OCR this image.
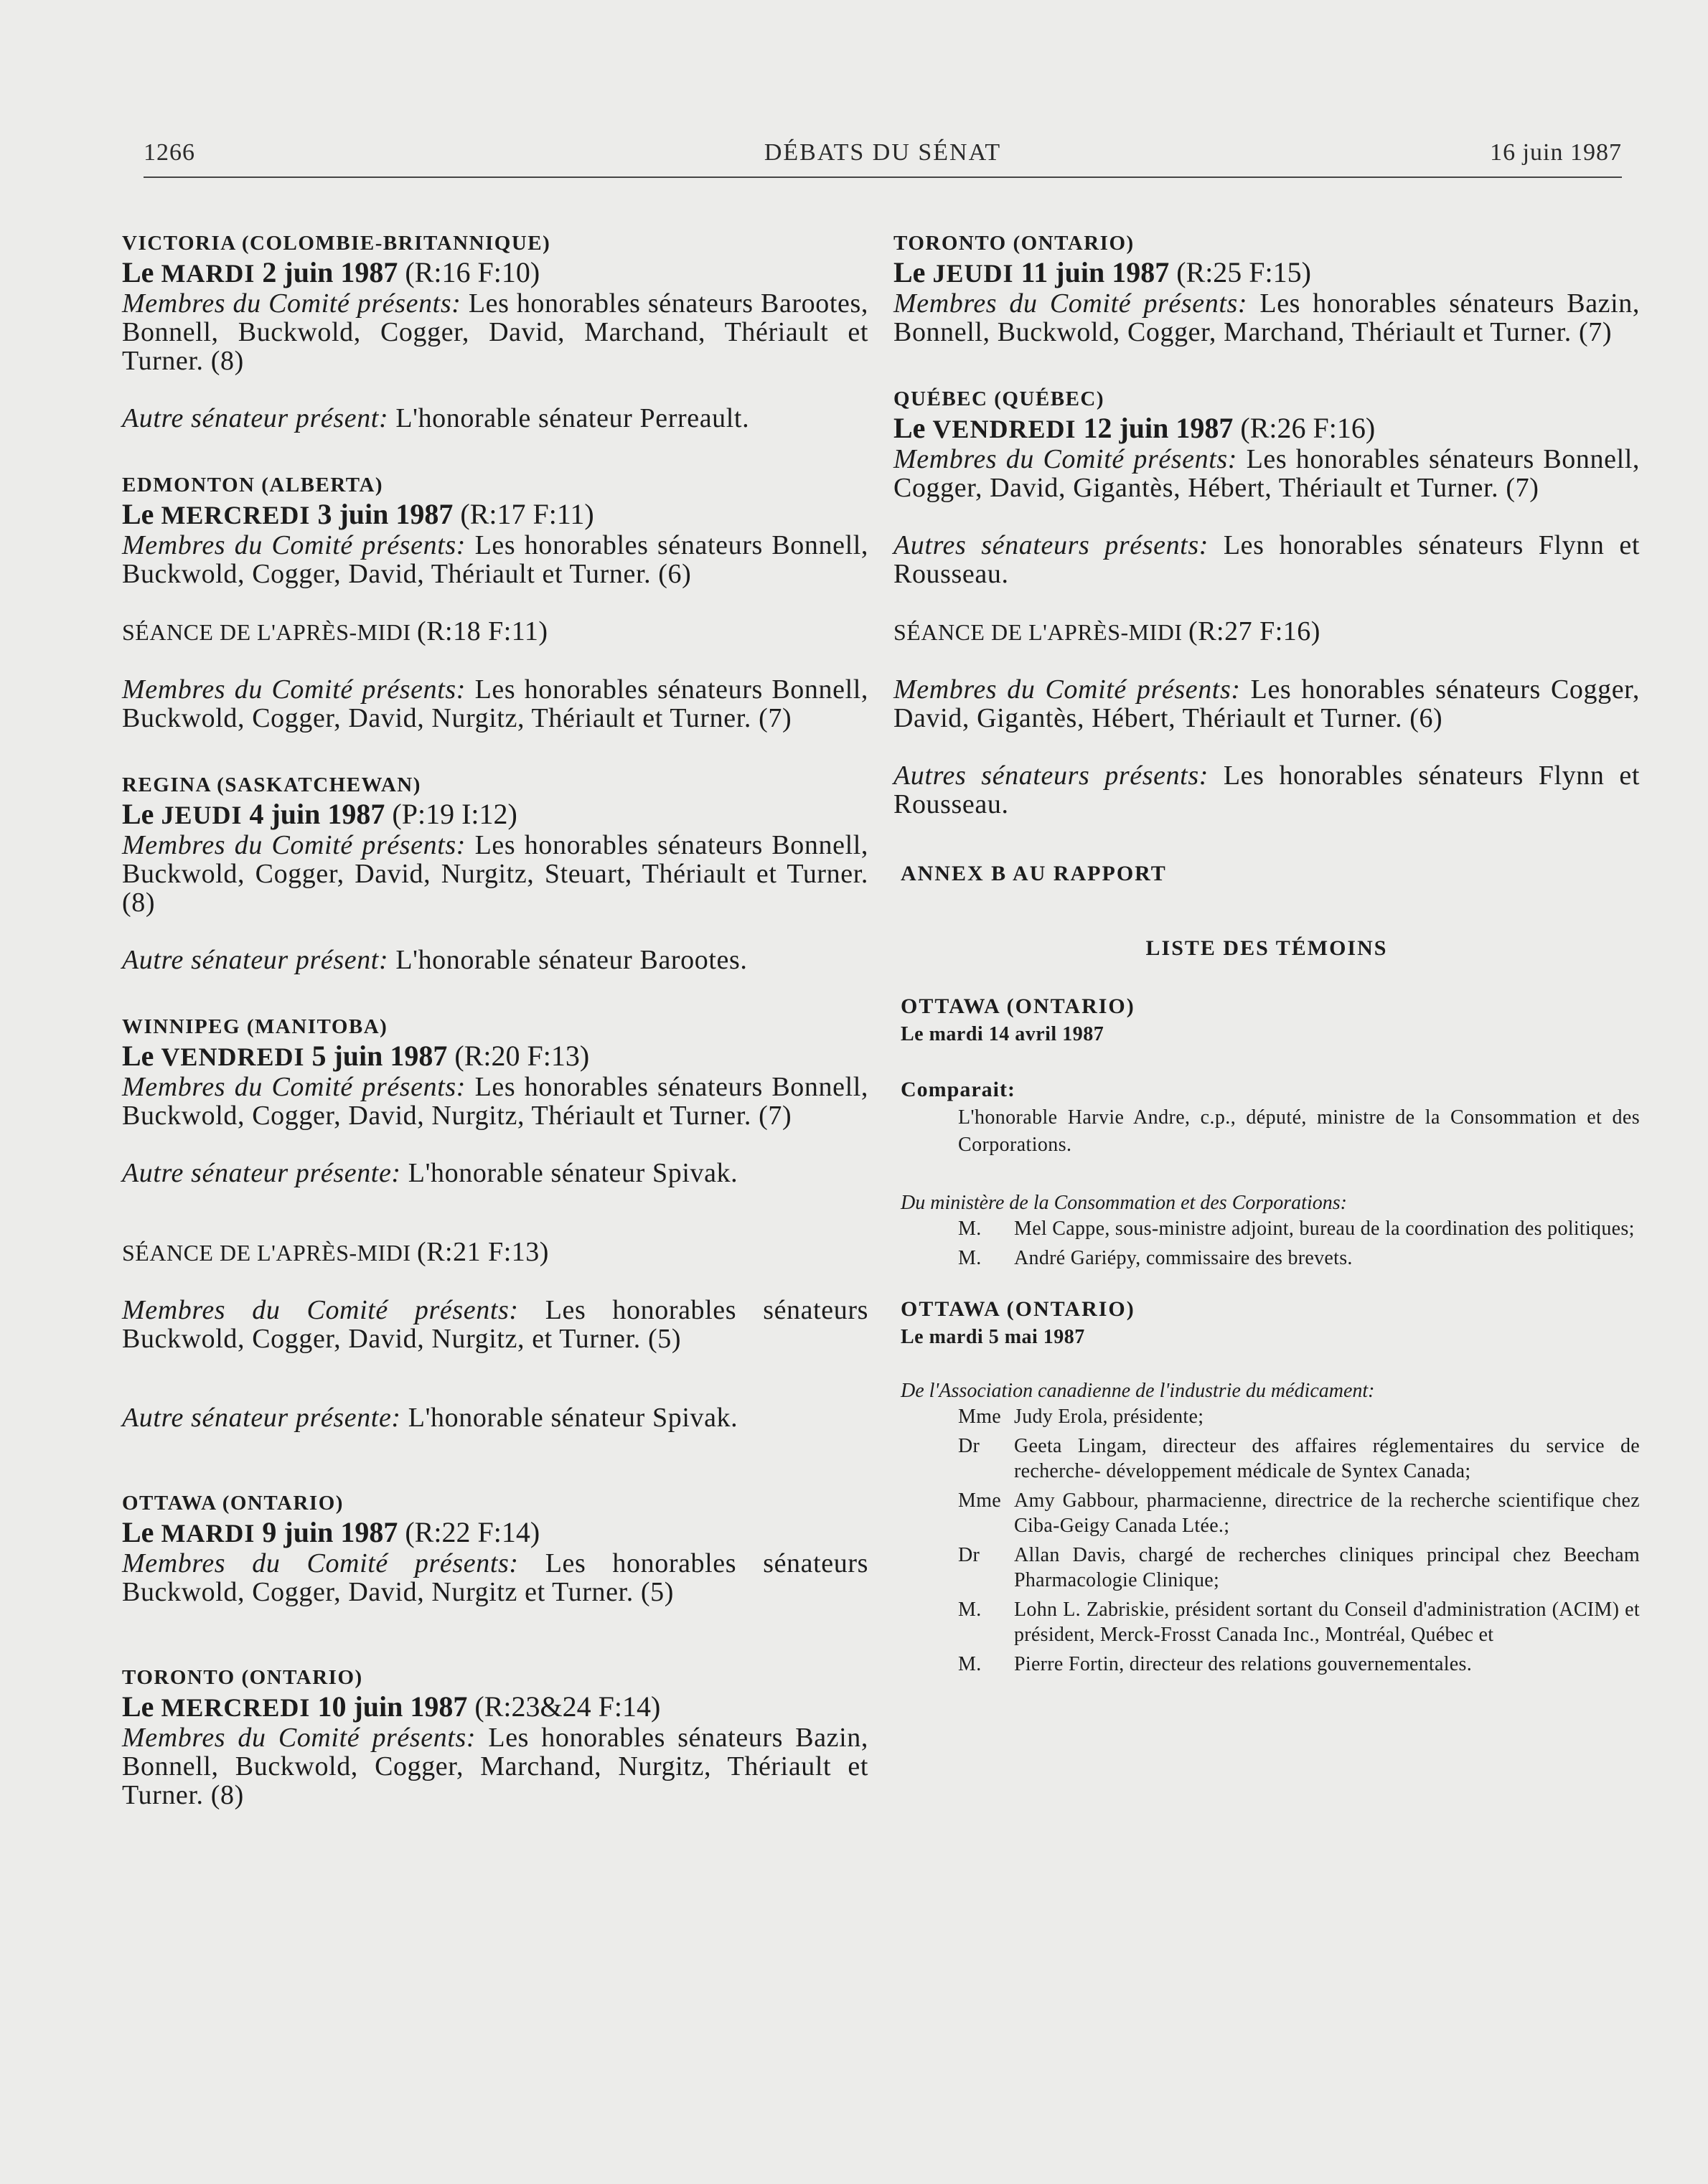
1266	DÉBATS DU SÉNAT	16 juin 1987
VICTORIA (COLOMBIE-BRITANNIQUE)
Le MARDI 2 juin 1987 (R:16 F:10)
Membres du Comité présents: Les honorables sénateurs Barootes, Bonnell, Buckwold, Cogger, David, Marchand, Thériault et Turner. (8)
Autre sénateur présent: L'honorable sénateur Perreault.
EDMONTON (ALBERTA)
Le MERCREDI 3 juin 1987 (R:17 F:11)
Membres du Comité présents: Les honorables sénateurs Bonnell, Buckwold, Cogger, David, Thériault et Turner. (6)
SÉANCE DE L'APRÈS-MIDI (R:18 F:11)
Membres du Comité présents: Les honorables sénateurs Bonnell, Buckwold, Cogger, David, Nurgitz, Thériault et Turner. (7)
REGINA (SASKATCHEWAN)
Le JEUDI 4 juin 1987 (P:19 I:12)
Membres du Comité présents: Les honorables sénateurs Bonnell, Buckwold, Cogger, David, Nurgitz, Steuart, Thériault et Turner. (8)
Autre sénateur présent: L'honorable sénateur Barootes.
WINNIPEG (MANITOBA)
Le VENDREDI 5 juin 1987 (R:20 F:13)
Membres du Comité présents: Les honorables sénateurs Bonnell, Buckwold, Cogger, David, Nurgitz, Thériault et Turner. (7)
Autre sénateur présente: L'honorable sénateur Spivak.
SÉANCE DE L'APRÈS-MIDI (R:21 F:13)
Membres du Comité présents: Les honorables sénateurs Buckwold, Cogger, David, Nurgitz, et Turner. (5)
Autre sénateur présente: L'honorable sénateur Spivak.
OTTAWA (ONTARIO)
Le MARDI 9 juin 1987 (R:22 F:14)
Membres du Comité présents: Les honorables sénateurs Buckwold, Cogger, David, Nurgitz et Turner. (5)
TORONTO (ONTARIO)
Le MERCREDI 10 juin 1987 (R:23&24 F:14)
Membres du Comité présents: Les honorables sénateurs Bazin, Bonnell, Buckwold, Cogger, Marchand, Nurgitz, Thériault et Turner. (8)
TORONTO (ONTARIO)
Le JEUDI 11 juin 1987 (R:25 F:15)
Membres du Comité présents: Les honorables sénateurs Bazin, Bonnell, Buckwold, Cogger, Marchand, Thériault et Turner. (7)
QUÉBEC (QUÉBEC)
Le VENDREDI 12 juin 1987 (R:26 F:16)
Membres du Comité présents: Les honorables sénateurs Bonnell, Cogger, David, Gigantès, Hébert, Thériault et Turner. (7)
Autres sénateurs présents: Les honorables sénateurs Flynn et Rousseau.
SÉANCE DE L'APRÈS-MIDI (R:27 F:16)
Membres du Comité présents: Les honorables sénateurs Cogger, David, Gigantès, Hébert, Thériault et Turner. (6)
Autres sénateurs présents: Les honorables sénateurs Flynn et Rousseau.
ANNEX B AU RAPPORT
LISTE DES TÉMOINS
OTTAWA (ONTARIO)
Le mardi 14 avril 1987
Comparait:
L'honorable Harvie Andre, c.p., député, ministre de la Consommation et des Corporations.
Du ministère de la Consommation et des Corporations:
M.	Mel Cappe, sous-ministre adjoint, bureau de la coordination des politiques;
M.	André Gariépy, commissaire des brevets.
OTTAWA (ONTARIO)
Le mardi 5 mai 1987
De l'Association canadienne de l'industrie du médicament:
Mme Judy Erola, présidente;
Dr	Geeta Lingam, directeur des affaires réglementaires du service de recherche- développement médicale de Syntex Canada;
Mme Amy Gabbour, pharmacienne, directrice de la recherche scientifique chez Ciba-Geigy Canada Ltée.;
Dr	Allan Davis, chargé de recherches cliniques principal chez Beecham Pharmacologie Clinique;
M.	Lohn L. Zabriskie, président sortant du Conseil d'administration (ACIM) et président, Merck-Frosst Canada Inc., Montréal, Québec et
M.	Pierre Fortin, directeur des relations gouvernementales.
